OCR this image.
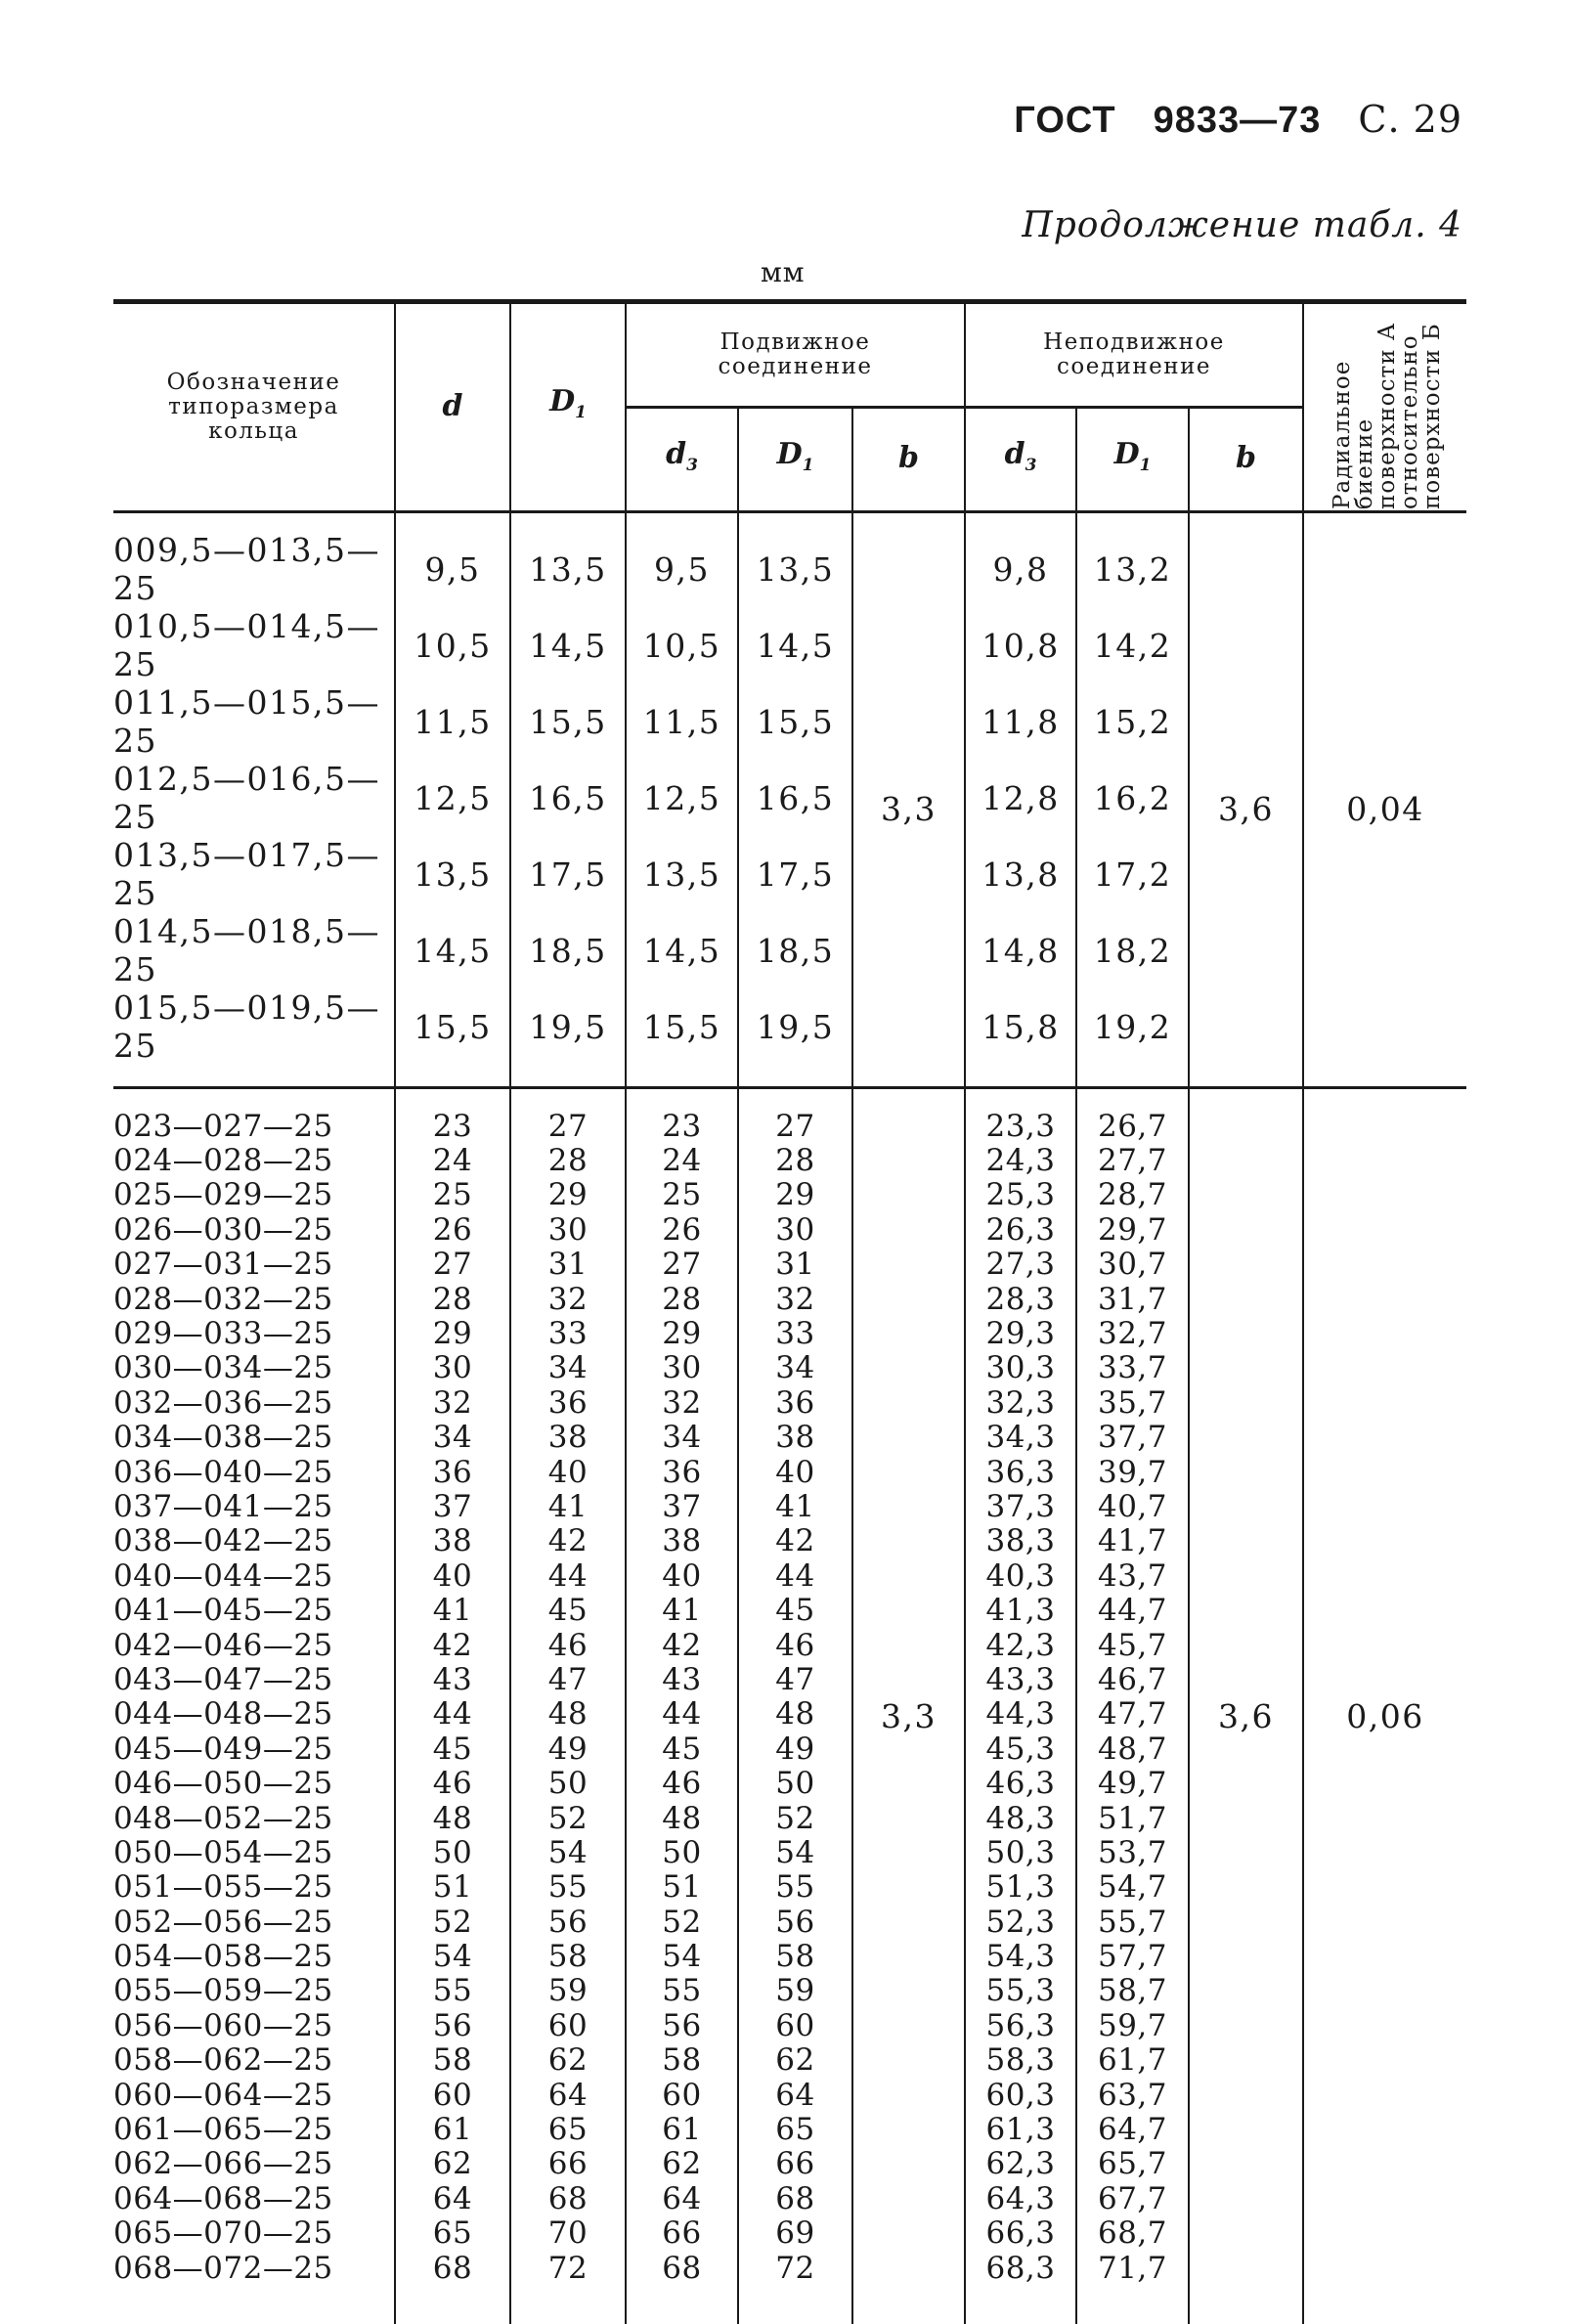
ГОСТ 9833—73 С. 29
Продолжение табл. 4
мм
Обозначение типоразмера кольца	d	$D_1$	Подвижное соединение			Неподвижное соединение			Радиальное биение поверхности А относительно поверхности Б

			$d_3$	$D_1$	b	$d_3$	$D_1$	b	
009,5—013,5—25	9,5	13,5	9,5	13,5	3,3	9,8	13,2	3,6	0,04
010,5—014,5—25	10,5	14,5	10,5	14,5		10,8	14,2		
011,5—015,5—25	11,5	15,5	11,5	15,5		11,8	15,2		
012,5—016,5—25	12,5	16,5	12,5	16,5		12,8	16,2		
013,5—017,5—25	13,5	17,5	13,5	17,5		13,8	17,2		
014,5—018,5—25	14,5	18,5	14,5	18,5		14,8	18,2		
015,5—019,5—25	15,5	19,5	15,5	19,5		15,8	19,2		

023—027—25	23	27	23	27	3,3	23,3	26,7	3,6	0,06
024—028—25	24	28	24	28		24,3	27,7		
025—029—25	25	29	25	29		25,3	28,7		
026—030—25	26	30	26	30		26,3	29,7		
027—031—25	27	31	27	31		27,3	30,7		
028—032—25	28	32	28	32		28,3	31,7		
029—033—25	29	33	29	33		29,3	32,7		
030—034—25	30	34	30	34		30,3	33,7		
032—036—25	32	36	32	36		32,3	35,7		
034—038—25	34	38	34	38		34,3	37,7		
036—040—25	36	40	36	40		36,3	39,7		
037—041—25	37	41	37	41		37,3	40,7		
038—042—25	38	42	38	42		38,3	41,7		
040—044—25	40	44	40	44		40,3	43,7		
041—045—25	41	45	41	45		41,3	44,7		
042—046—25	42	46	42	46		42,3	45,7		
043—047—25	43	47	43	47		43,3	46,7		
044—048—25	44	48	44	48		44,3	47,7		
045—049—25	45	49	45	49		45,3	48,7		
046—050—25	46	50	46	50		46,3	49,7		
048—052—25	48	52	48	52		48,3	51,7		
050—054—25	50	54	50	54		50,3	53,7		
051—055—25	51	55	51	55		51,3	54,7		
052—056—25	52	56	52	56		52,3	55,7		
054—058—25	54	58	54	58		54,3	57,7		
055—059—25	55	59	55	59		55,3	58,7		
056—060—25	56	60	56	60		56,3	59,7		
058—062—25	58	62	58	62		58,3	61,7		
060—064—25	60	64	60	64		60,3	63,7		
061—065—25	61	65	61	65		61,3	64,7		
062—066—25	62	66	62	66		62,3	65,7		
064—068—25	64	68	64	68		64,3	67,7		
065—070—25	65	70	66	69		66,3	68,7		
068—072—25	68	72	68	72		68,3	71,7		
